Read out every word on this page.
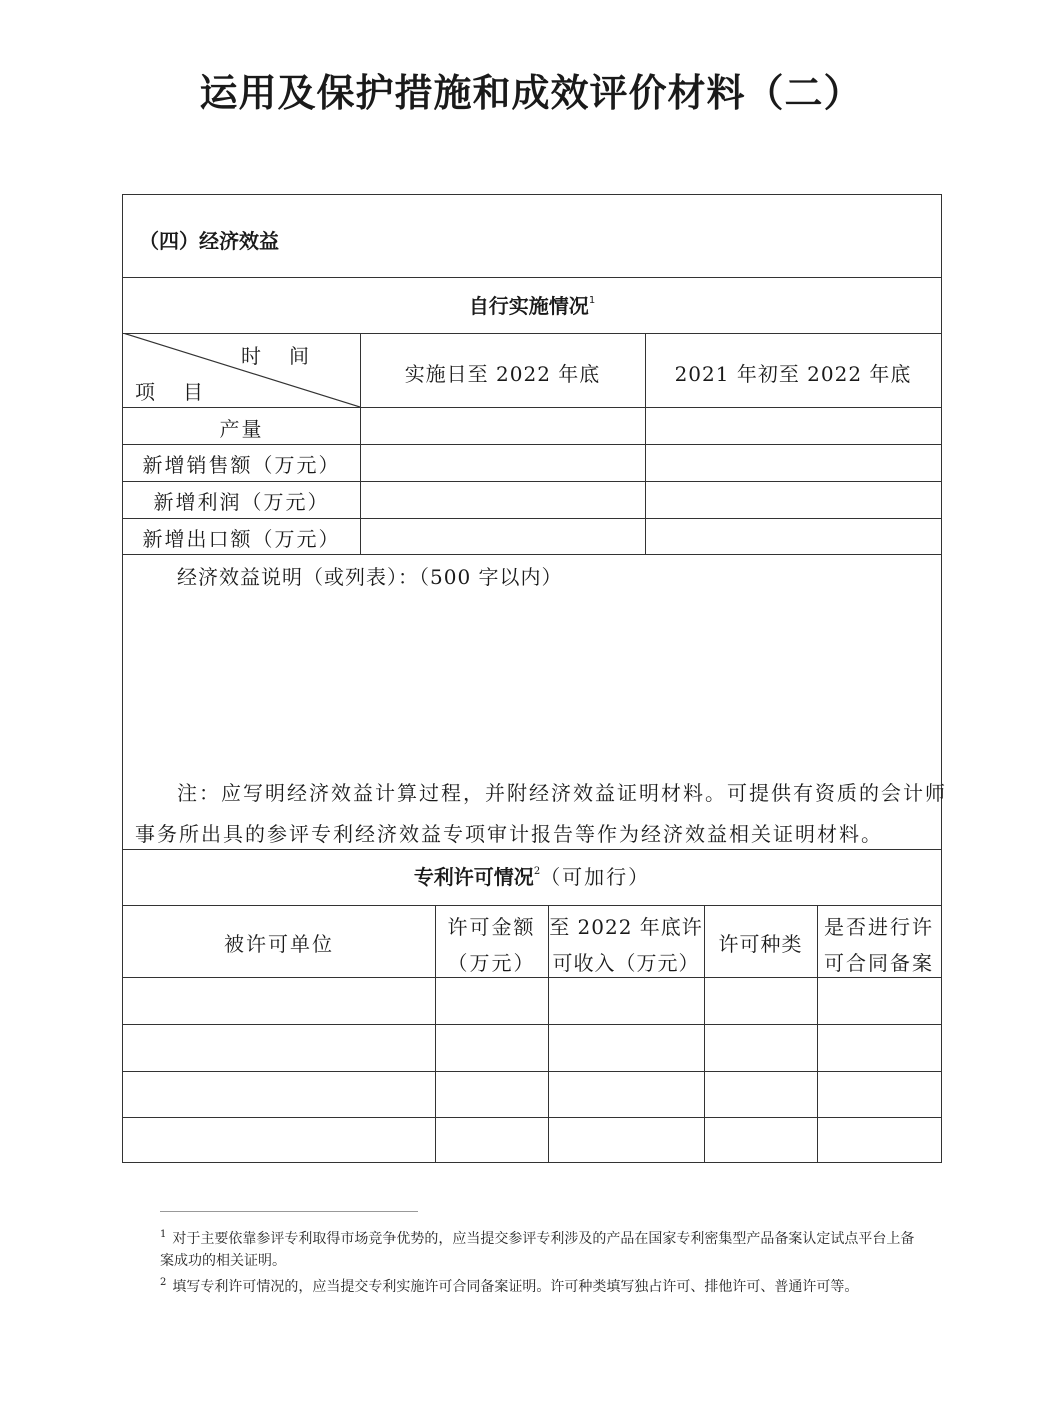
运用及保护措施和成效评价材料（二）
（四）经济效益
自行实施情况$^1$
时　间
项　目
实施日至 2022 年底	2021 年初至 2022 年底
产量
新增销售额（万元）
新增利润（万元）
新增出口额（万元）
经济效益说明（或列表）：（500 字以内）
注：应写明经济效益计算过程，并附经济效益证明材料。可提供有资质的会计师
事务所出具的参评专利经济效益专项审计报告等作为经济效益相关证明材料。
专利许可情况$^2$（可加行）
被许可单位
许可金额
（万元）
至 2022 年底许
可收入（万元）
许可种类
是否进行许
可合同备案
$^1$ 对于主要依靠参评专利取得市场竞争优势的，应当提交参评专利涉及的产品在国家专利密集型产品备案认定试点平台上备案成功的相关证明。
$^2$ 填写专利许可情况的，应当提交专利实施许可合同备案证明。许可种类填写独占许可、排他许可、普通许可等。
